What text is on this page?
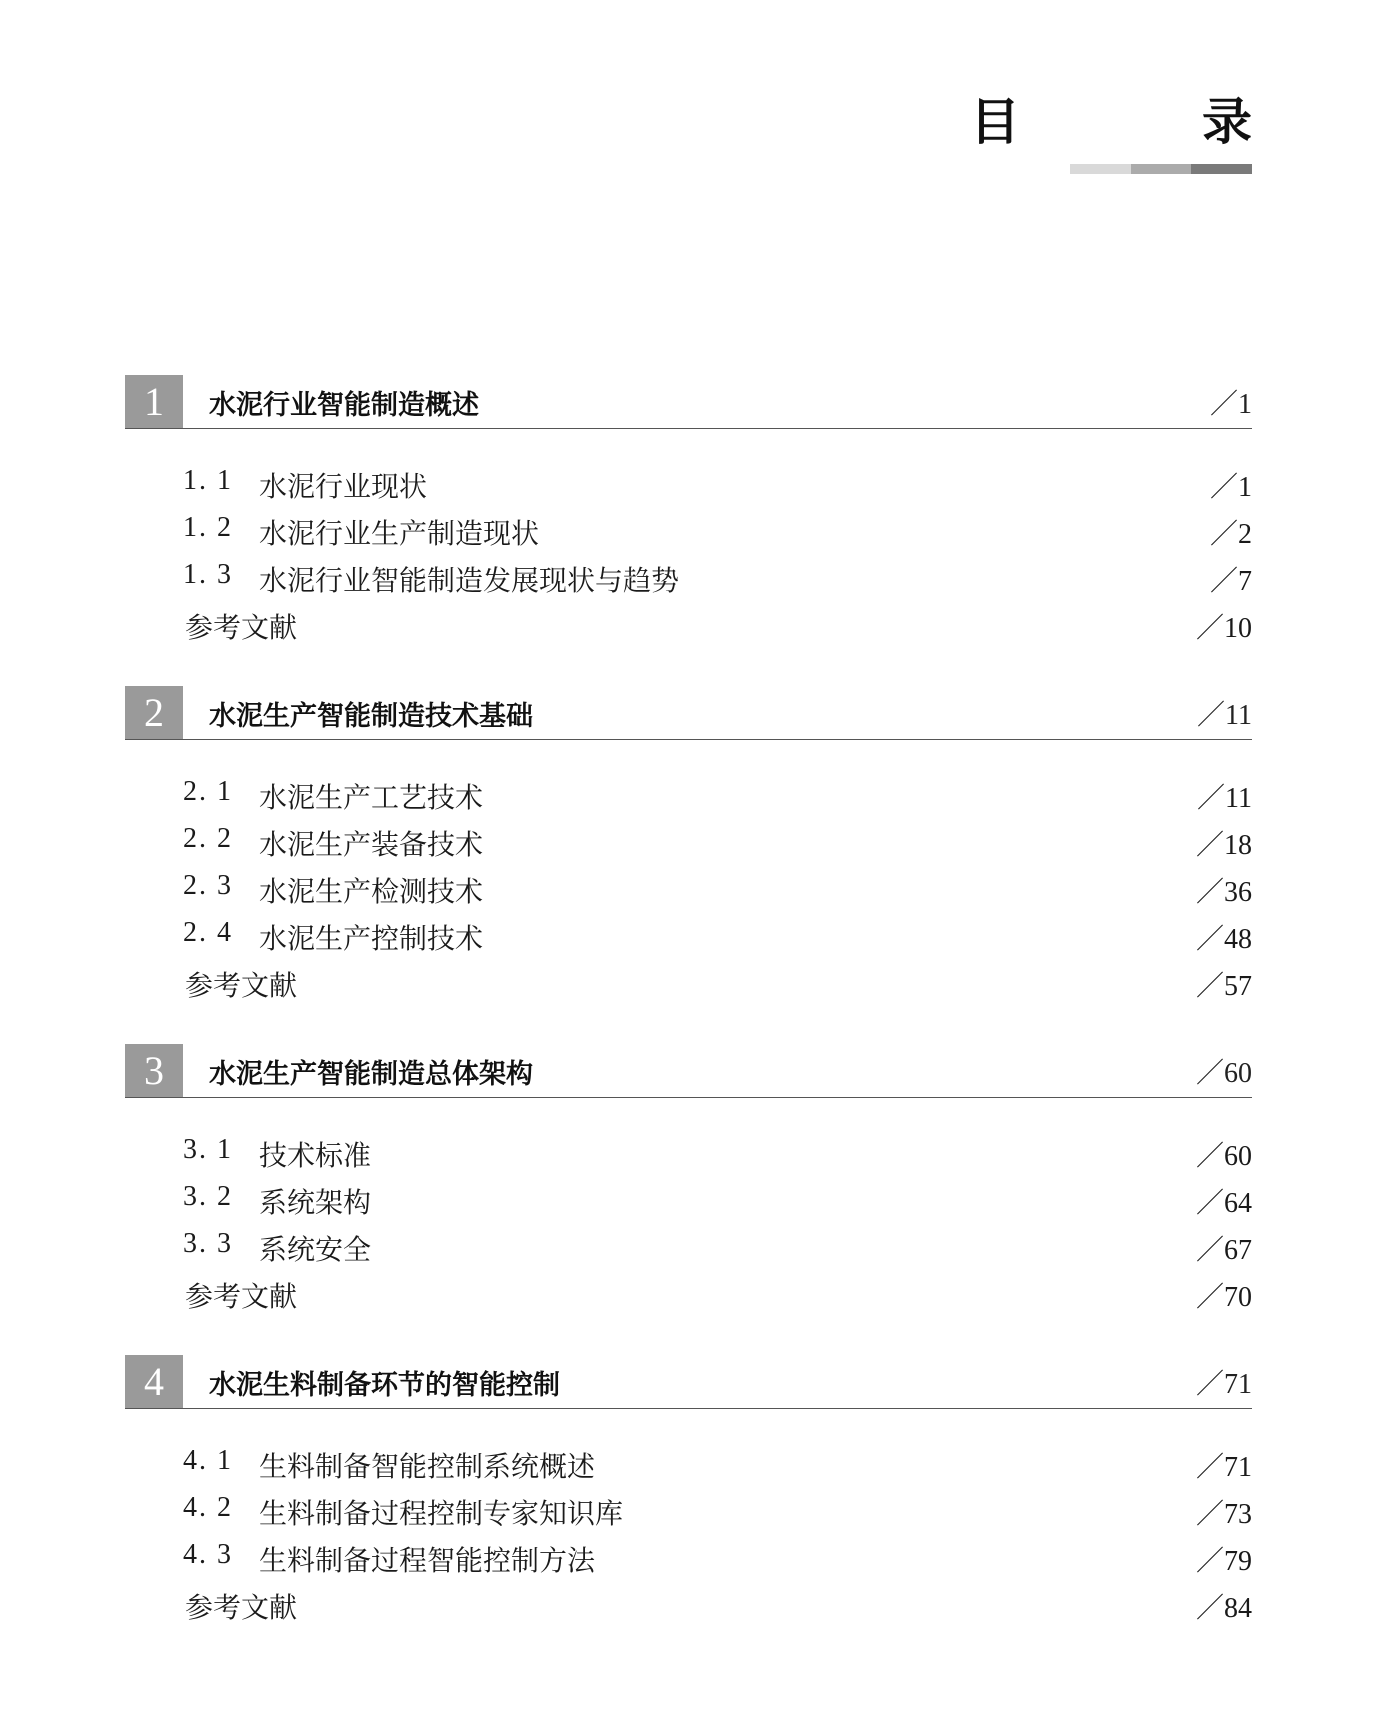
目　录
1	水泥行业智能制造概述	／1
1. 1 水泥行业现状	／1
1. 2 水泥行业生产制造现状	／2
1. 3 水泥行业智能制造发展现状与趋势	／7
参考文献	／10
2	水泥生产智能制造技术基础	／11
2. 1 水泥生产工艺技术	／11
2. 2 水泥生产装备技术	／18
2. 3 水泥生产检测技术	／36
2. 4 水泥生产控制技术	／48
参考文献	／57
3	水泥生产智能制造总体架构	／60
3. 1 技术标准	／60
3. 2 系统架构	／64
3. 3 系统安全	／67
参考文献	／70
4	水泥生料制备环节的智能控制	／71
4. 1 生料制备智能控制系统概述	／71
4. 2 生料制备过程控制专家知识库	／73
4. 3 生料制备过程智能控制方法	／79
参考文献	／84
